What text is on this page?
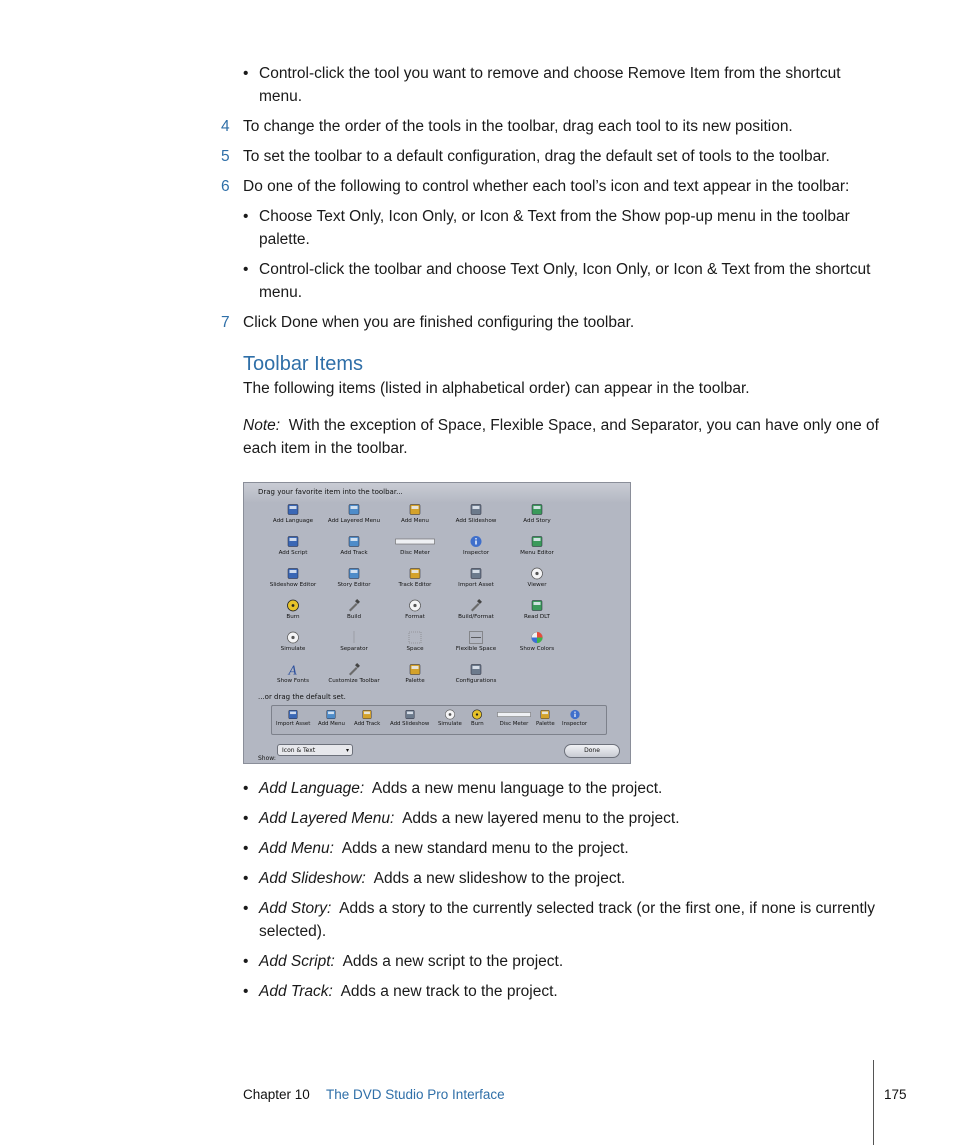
• Control-click the tool you want to remove and choose Remove Item from the shortcut menu.
4 To change the order of the tools in the toolbar, drag each tool to its new position.
5 To set the toolbar to a default configuration, drag the default set of tools to the toolbar.
6 Do one of the following to control whether each tool’s icon and text appear in the toolbar:
• Choose Text Only, Icon Only, or Icon & Text from the Show pop-up menu in the toolbar palette.
• Control-click the toolbar and choose Text Only, Icon Only, or Icon & Text from the shortcut menu.
7 Click Done when you are finished configuring the toolbar.
Toolbar Items
The following items (listed in alphabetical order) can appear in the toolbar.
Note: With the exception of Space, Flexible Space, and Separator, you can have only one of each item in the toolbar.
Drag your favorite item into the toolbar...
Add Language	Add Layered Menu	Add Menu	Add Slideshow	Add Story
Add Script	Add Track	Disc Meter	Inspector	Menu Editor
Slideshow Editor	Story Editor	Track Editor	Import Asset	Viewer
Burn	Build	Format	Build/Format	Read DLT
Simulate	Separator	Space	Flexible Space	Show Colors
A
Show Fonts	Customize Toolbar	Palette	Configurations
...or drag the default set.
Import Asset Add Menu Add Track Add Slideshow Simulate Burn	Disc Meter	Palette Inspector
Show:
Icon & Text ▾	Done
• Add Language: Adds a new menu language to the project.
• Add Layered Menu: Adds a new layered menu to the project.
• Add Menu: Adds a new standard menu to the project.
• Add Slideshow: Adds a new slideshow to the project.
• Add Story: Adds a story to the currently selected track (or the first one, if none is currently selected).
• Add Script: Adds a new script to the project.
• Add Track: Adds a new track to the project.
Chapter 10 The DVD Studio Pro Interface	175
